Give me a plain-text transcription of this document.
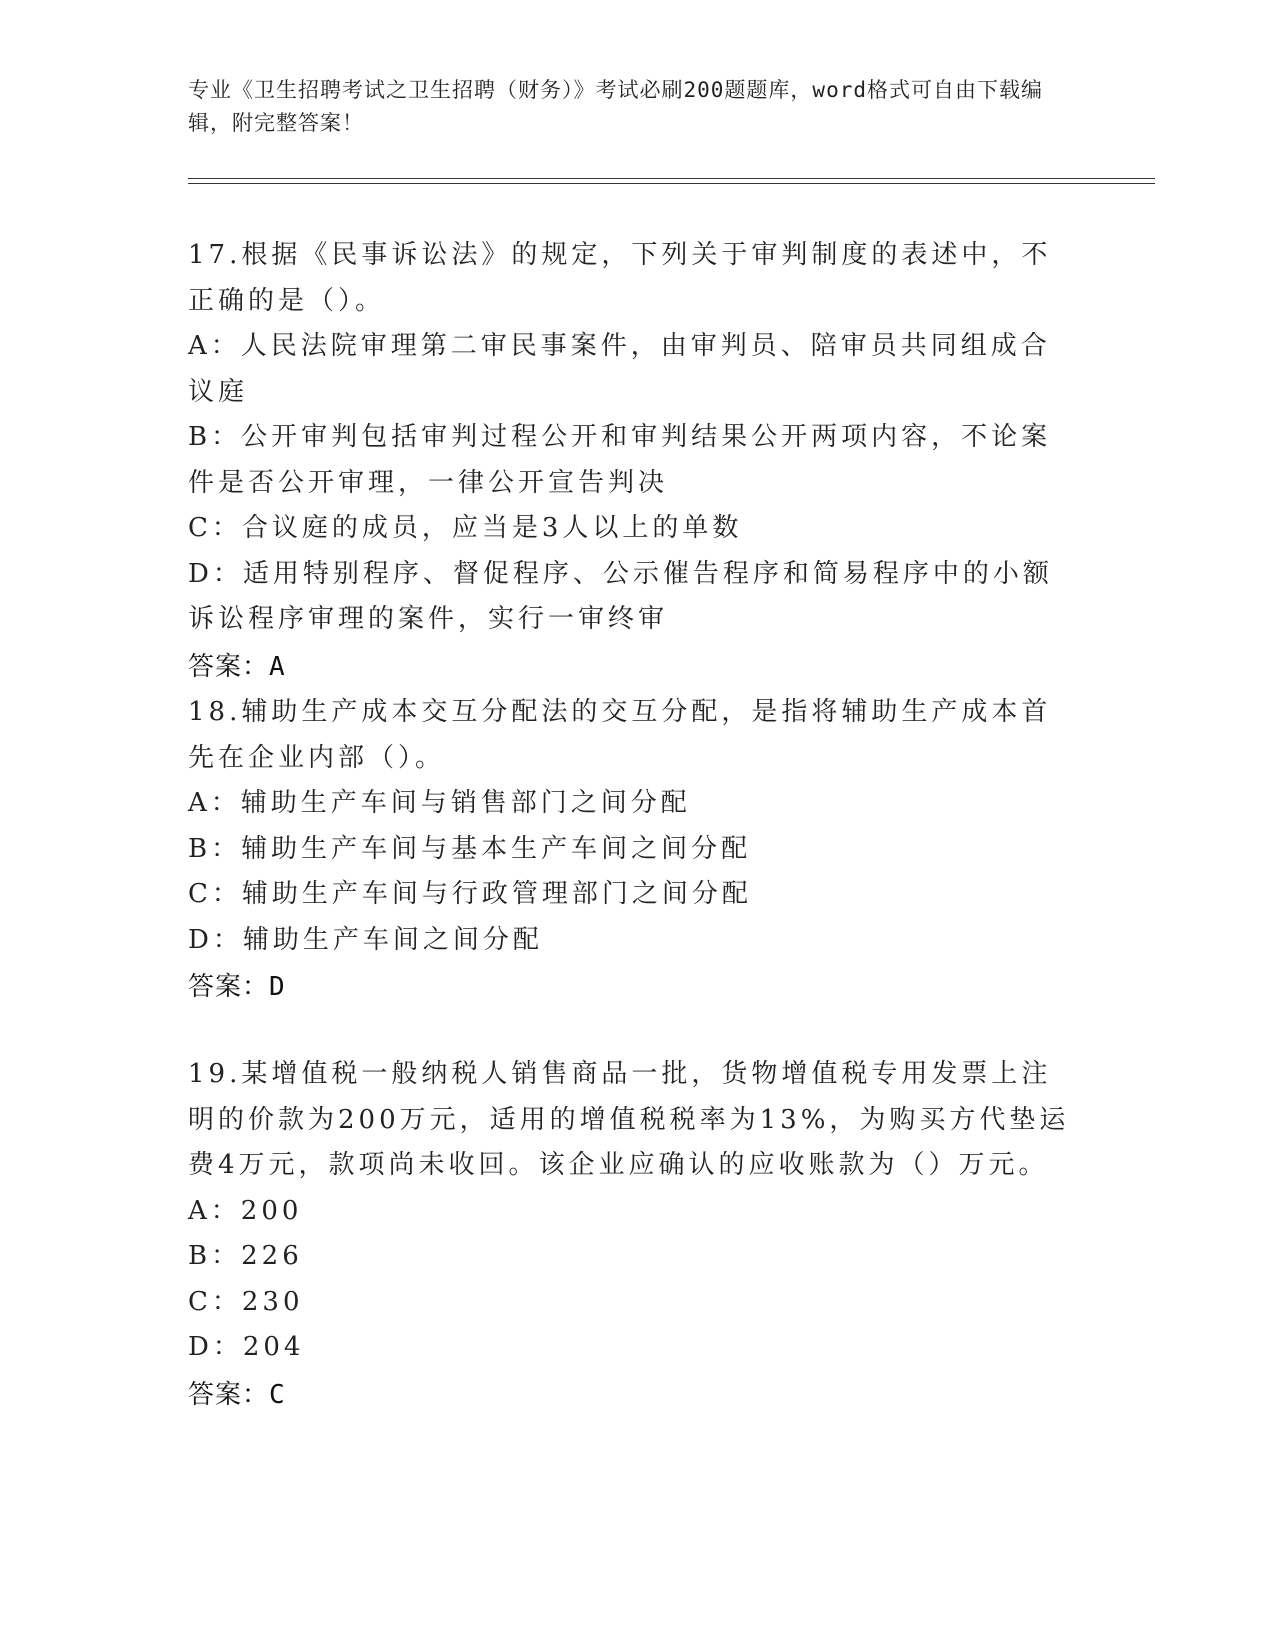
专业《卫生招聘考试之卫生招聘（财务）》考试必刷200题题库，word格式可自由下载编辑，附完整答案！
17.根据《民事诉讼法》的规定，下列关于审判制度的表述中，不正确的是（）。
A：人民法院审理第二审民事案件，由审判员、陪审员共同组成合议庭
B：公开审判包括审判过程公开和审判结果公开两项内容，不论案件是否公开审理，一律公开宣告判决
C：合议庭的成员，应当是3人以上的单数
D：适用特别程序、督促程序、公示催告程序和简易程序中的小额诉讼程序审理的案件，实行一审终审
答案：A
18.辅助生产成本交互分配法的交互分配，是指将辅助生产成本首先在企业内部（）。
A：辅助生产车间与销售部门之间分配
B：辅助生产车间与基本生产车间之间分配
C：辅助生产车间与行政管理部门之间分配
D：辅助生产车间之间分配
答案：D
19.某增值税一般纳税人销售商品一批，货物增值税专用发票上注明的价款为200万元，适用的增值税税率为13%，为购买方代垫运费4万元，款项尚未收回。该企业应确认的应收账款为（）万元。
A：200
B：226
C：230
D：204
答案：C
